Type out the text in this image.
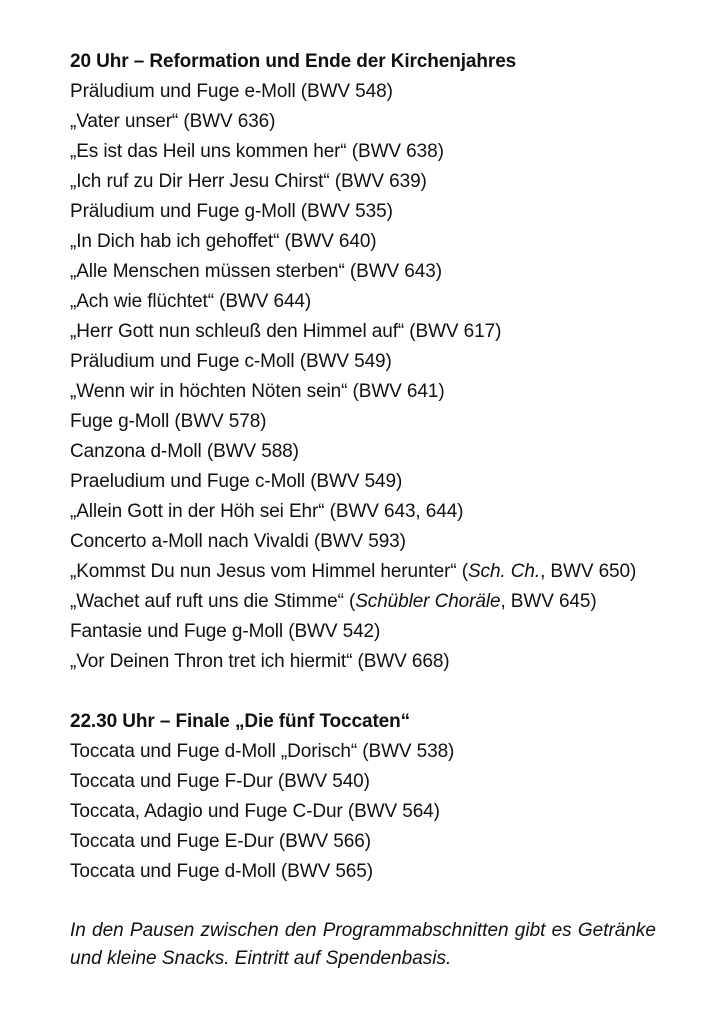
20 Uhr – Reformation und Ende der Kirchenjahres
Präludium und Fuge e-Moll (BWV 548)
„Vater unser“ (BWV 636)
„Es ist das Heil uns kommen her“ (BWV 638)
„Ich ruf zu Dir Herr Jesu Chirst“ (BWV 639)
Präludium und Fuge g-Moll (BWV 535)
„In Dich hab ich gehoffet“ (BWV 640)
„Alle Menschen müssen sterben“ (BWV 643)
„Ach wie flüchtet“ (BWV 644)
„Herr Gott nun schleuß den Himmel auf“ (BWV 617)
Präludium und Fuge c-Moll (BWV 549)
„Wenn wir in höchten Nöten sein“ (BWV 641)
Fuge g-Moll (BWV 578)
Canzona d-Moll (BWV 588)
Praeludium und Fuge c-Moll (BWV 549)
„Allein Gott in der Höh sei Ehr“ (BWV 643, 644)
Concerto a-Moll nach Vivaldi (BWV 593)
„Kommst Du nun Jesus vom Himmel herunter“ (Sch. Ch., BWV 650)
„Wachet auf ruft uns die Stimme“ (Schübler Choräle, BWV 645)
Fantasie und Fuge g-Moll (BWV 542)
„Vor Deinen Thron tret ich hiermit“ (BWV 668)
22.30 Uhr – Finale „Die fünf Toccaten“
Toccata und Fuge d-Moll „Dorisch“ (BWV 538)
Toccata und Fuge F-Dur (BWV 540)
Toccata, Adagio und Fuge C-Dur (BWV 564)
Toccata und Fuge E-Dur (BWV 566)
Toccata und Fuge d-Moll (BWV 565)
In den Pausen zwischen den Programmabschnitten gibt es Getränke und kleine Snacks. Eintritt auf Spendenbasis.
